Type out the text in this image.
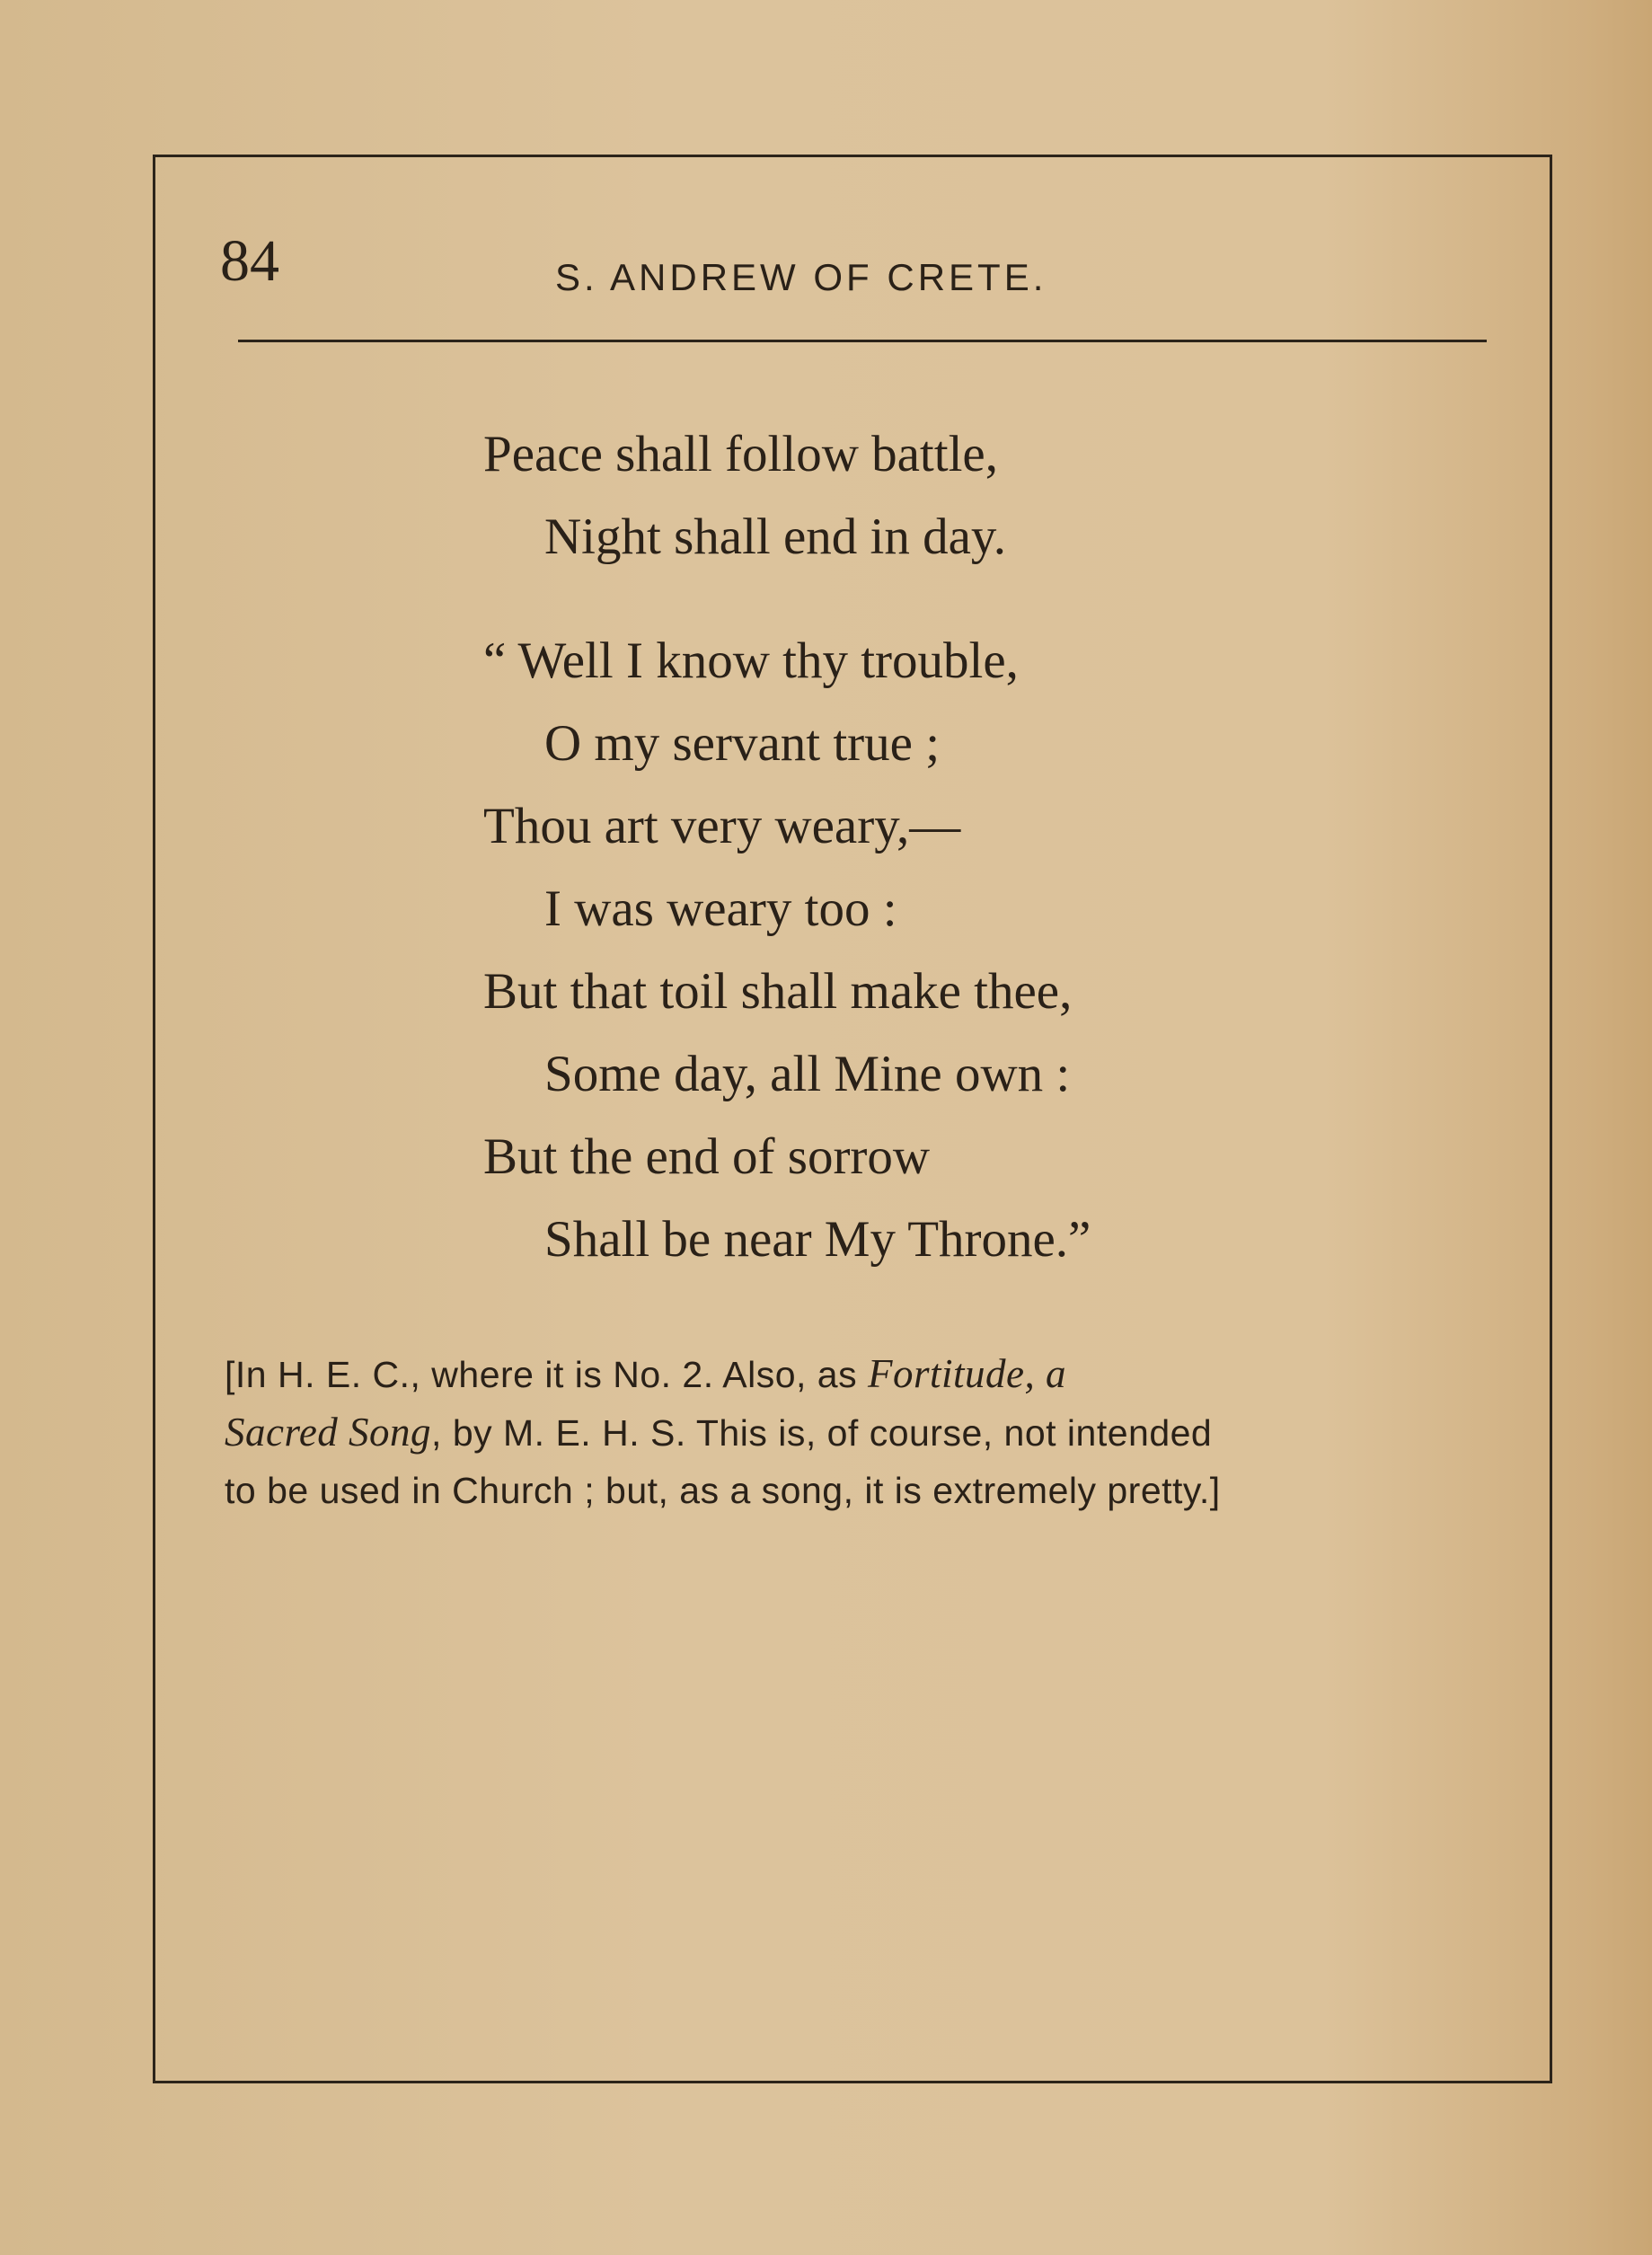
84	S. ANDREW OF CRETE.
Peace shall follow battle,
Night shall end in day.
“ Well I know thy trouble,
O my servant true ;
Thou art very weary,—
I was weary too :
But that toil shall make thee,
Some day, all Mine own :
But the end of sorrow
Shall be near My Throne.”
[In H. E. C., where it is No. 2. Also, as Fortitude, a
Sacred Song, by M. E. H. S. This is, of course, not intended
to be used in Church ; but, as a song, it is extremely pretty.]
